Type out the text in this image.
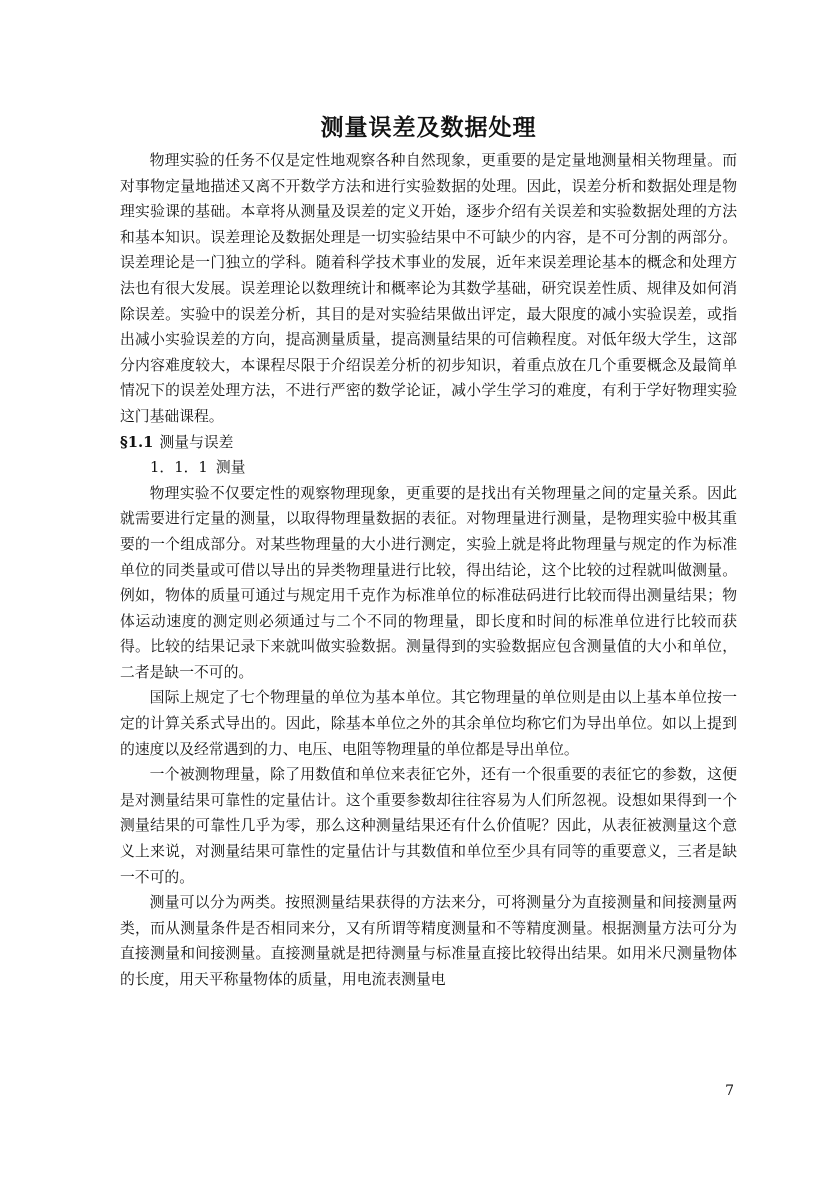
测量误差及数据处理

物理实验的任务不仅是定性地观察各种自然现象，更重要的是定量地测量相关物理量。而对事物定量地描述又离不开数学方法和进行实验数据的处理。因此，误差分析和数据处理是物理实验课的基础。本章将从测量及误差的定义开始，逐步介绍有关误差和实验数据处理的方法和基本知识。误差理论及数据处理是一切实验结果中不可缺少的内容，是不可分割的两部分。误差理论是一门独立的学科。随着科学技术事业的发展，近年来误差理论基本的概念和处理方法也有很大发展。误差理论以数理统计和概率论为其数学基础，研究误差性质、规律及如何消除误差。实验中的误差分析，其目的是对实验结果做出评定，最大限度的减小实验误差，或指出减小实验误差的方向，提高测量质量，提高测量结果的可信赖程度。对低年级大学生，这部分内容难度较大，本课程尽限于介绍误差分析的初步知识，着重点放在几个重要概念及最简单情况下的误差处理方法，不进行严密的数学论证，减小学生学习的难度，有利于学好物理实验这门基础课程。

§1.1 测量与误差

1．1．1 测量

物理实验不仅要定性的观察物理现象，更重要的是找出有关物理量之间的定量关系。因此就需要进行定量的测量，以取得物理量数据的表征。对物理量进行测量，是物理实验中极其重要的一个组成部分。对某些物理量的大小进行测定，实验上就是将此物理量与规定的作为标准单位的同类量或可借以导出的异类物理量进行比较，得出结论，这个比较的过程就叫做测量。例如，物体的质量可通过与规定用千克作为标准单位的标准砝码进行比较而得出测量结果；物体运动速度的测定则必须通过与二个不同的物理量，即长度和时间的标准单位进行比较而获得。比较的结果记录下来就叫做实验数据。测量得到的实验数据应包含测量值的大小和单位，二者是缺一不可的。

国际上规定了七个物理量的单位为基本单位。其它物理量的单位则是由以上基本单位按一定的计算关系式导出的。因此，除基本单位之外的其余单位均称它们为导出单位。如以上提到的速度以及经常遇到的力、电压、电阻等物理量的单位都是导出单位。

一个被测物理量，除了用数值和单位来表征它外，还有一个很重要的表征它的参数，这便是对测量结果可靠性的定量估计。这个重要参数却往往容易为人们所忽视。设想如果得到一个测量结果的可靠性几乎为零，那么这种测量结果还有什么价值呢？因此，从表征被测量这个意义上来说，对测量结果可靠性的定量估计与其数值和单位至少具有同等的重要意义，三者是缺一不可的。

测量可以分为两类。按照测量结果获得的方法来分，可将测量分为直接测量和间接测量两类，而从测量条件是否相同来分，又有所谓等精度测量和不等精度测量。根据测量方法可分为直接测量和间接测量。直接测量就是把待测量与标准量直接比较得出结果。如用米尺测量物体的长度，用天平称量物体的质量，用电流表测量电

7
